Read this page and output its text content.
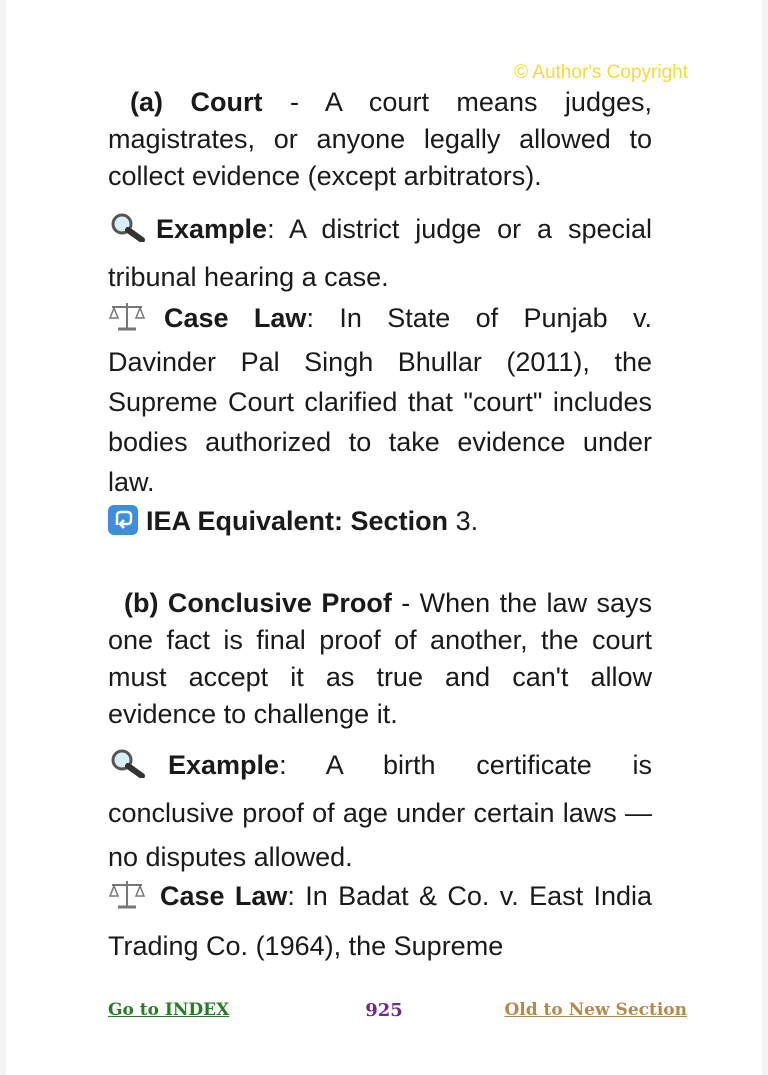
© Author's Copyright

(a) Court - A court means judges, magistrates, or anyone legally allowed to collect evidence (except arbitrators).

Example: A district judge or a special tribunal hearing a case.

Case Law: In State of Punjab v. Davinder Pal Singh Bhullar (2011), the Supreme Court clarified that "court" includes bodies authorized to take evidence under law.

IEA Equivalent: Section 3.

(b) Conclusive Proof - When the law says one fact is final proof of another, the court must accept it as true and can't allow evidence to challenge it.

Example: A birth certificate is conclusive proof of age under certain laws —no disputes allowed.

Case Law: In Badat & Co. v. East India Trading Co. (1964), the Supreme

Go to INDEX	925	Old to New Section
